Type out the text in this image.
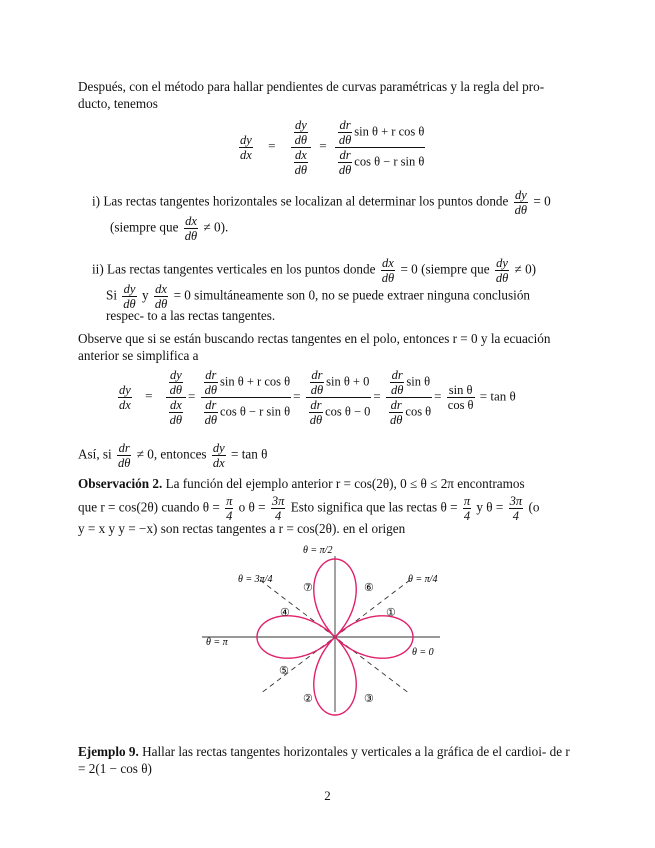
Después, con el método para hallar pendientes de curvas paramétricas y la regla del pro- ducto, tenemos
$\frac{dy}{dx} = \frac{\frac{dy}{d\theta}}{\frac{dx}{d\theta}} = \frac{\frac{dr}{d\theta} \sin \theta + r \cos \theta}{\frac{dr}{d\theta} \cos \theta - r \sin \theta}$
i) Las rectas tangentes horizontales se localizan al determinar los puntos donde $\frac{dy}{d\theta} = 0$
(siempre que $\frac{dx}{d\theta} \ne 0$).
ii) Las rectas tangentes verticales en los puntos donde $\frac{dx}{d\theta} = 0$ (siempre que $\frac{dy}{d\theta} \ne 0$)
Si $\frac{dy}{d\theta}$ y $\frac{dx}{d\theta} = 0$ simultáneamente son 0, no se puede extraer ninguna conclusión
respec- to a las rectas tangentes.
Observe que si se están buscando rectas tangentes en el polo, entonces r = 0 y la ecuación anterior se simplifica a
$\frac{dy}{dx} = \frac{\frac{dy}{d\theta}}{\frac{dx}{d\theta}} = \frac{\frac{dr}{d\theta} \sin \theta + r \cos \theta}{\frac{dr}{d\theta} \cos \theta - r \sin \theta} = \frac{\frac{dr}{d\theta} \sin \theta + 0}{\frac{dr}{d\theta} \cos \theta - 0} = \frac{\frac{dr}{d\theta} \sin \theta}{\frac{dr}{d\theta} \cos \theta} = \frac{\text{sin θ}}{\text{cos θ}} = \tan \theta$
Así, si $\frac{dr}{d\theta} \ne 0$, entonces $\frac{dy}{dx} = \tan \theta$
Observación 2. La función del ejemplo anterior r = cos(2θ), 0 ≤ θ ≤ 2π encontramos
que r = cos(2θ) cuando $\theta = \frac{\pi}{4}$ o $\theta = \frac{3\pi}{4}$ Esto significa que las rectas $\theta = \frac{\pi}{4}$ y $\theta = \frac{3\pi}{4} (o$
y = x y y = −x) son rectas tangentes a r = cos(2θ). en el origen
θ = π/2
θ = 3π/4	θ = π/4
θ = π
θ = 0
①
②	③
④
⑤
⑥
⑦
Ejemplo 9. Hallar las rectas tangentes horizontales y verticales a la gráfica de el cardioi- de r = 2(1 − cos θ)
2
